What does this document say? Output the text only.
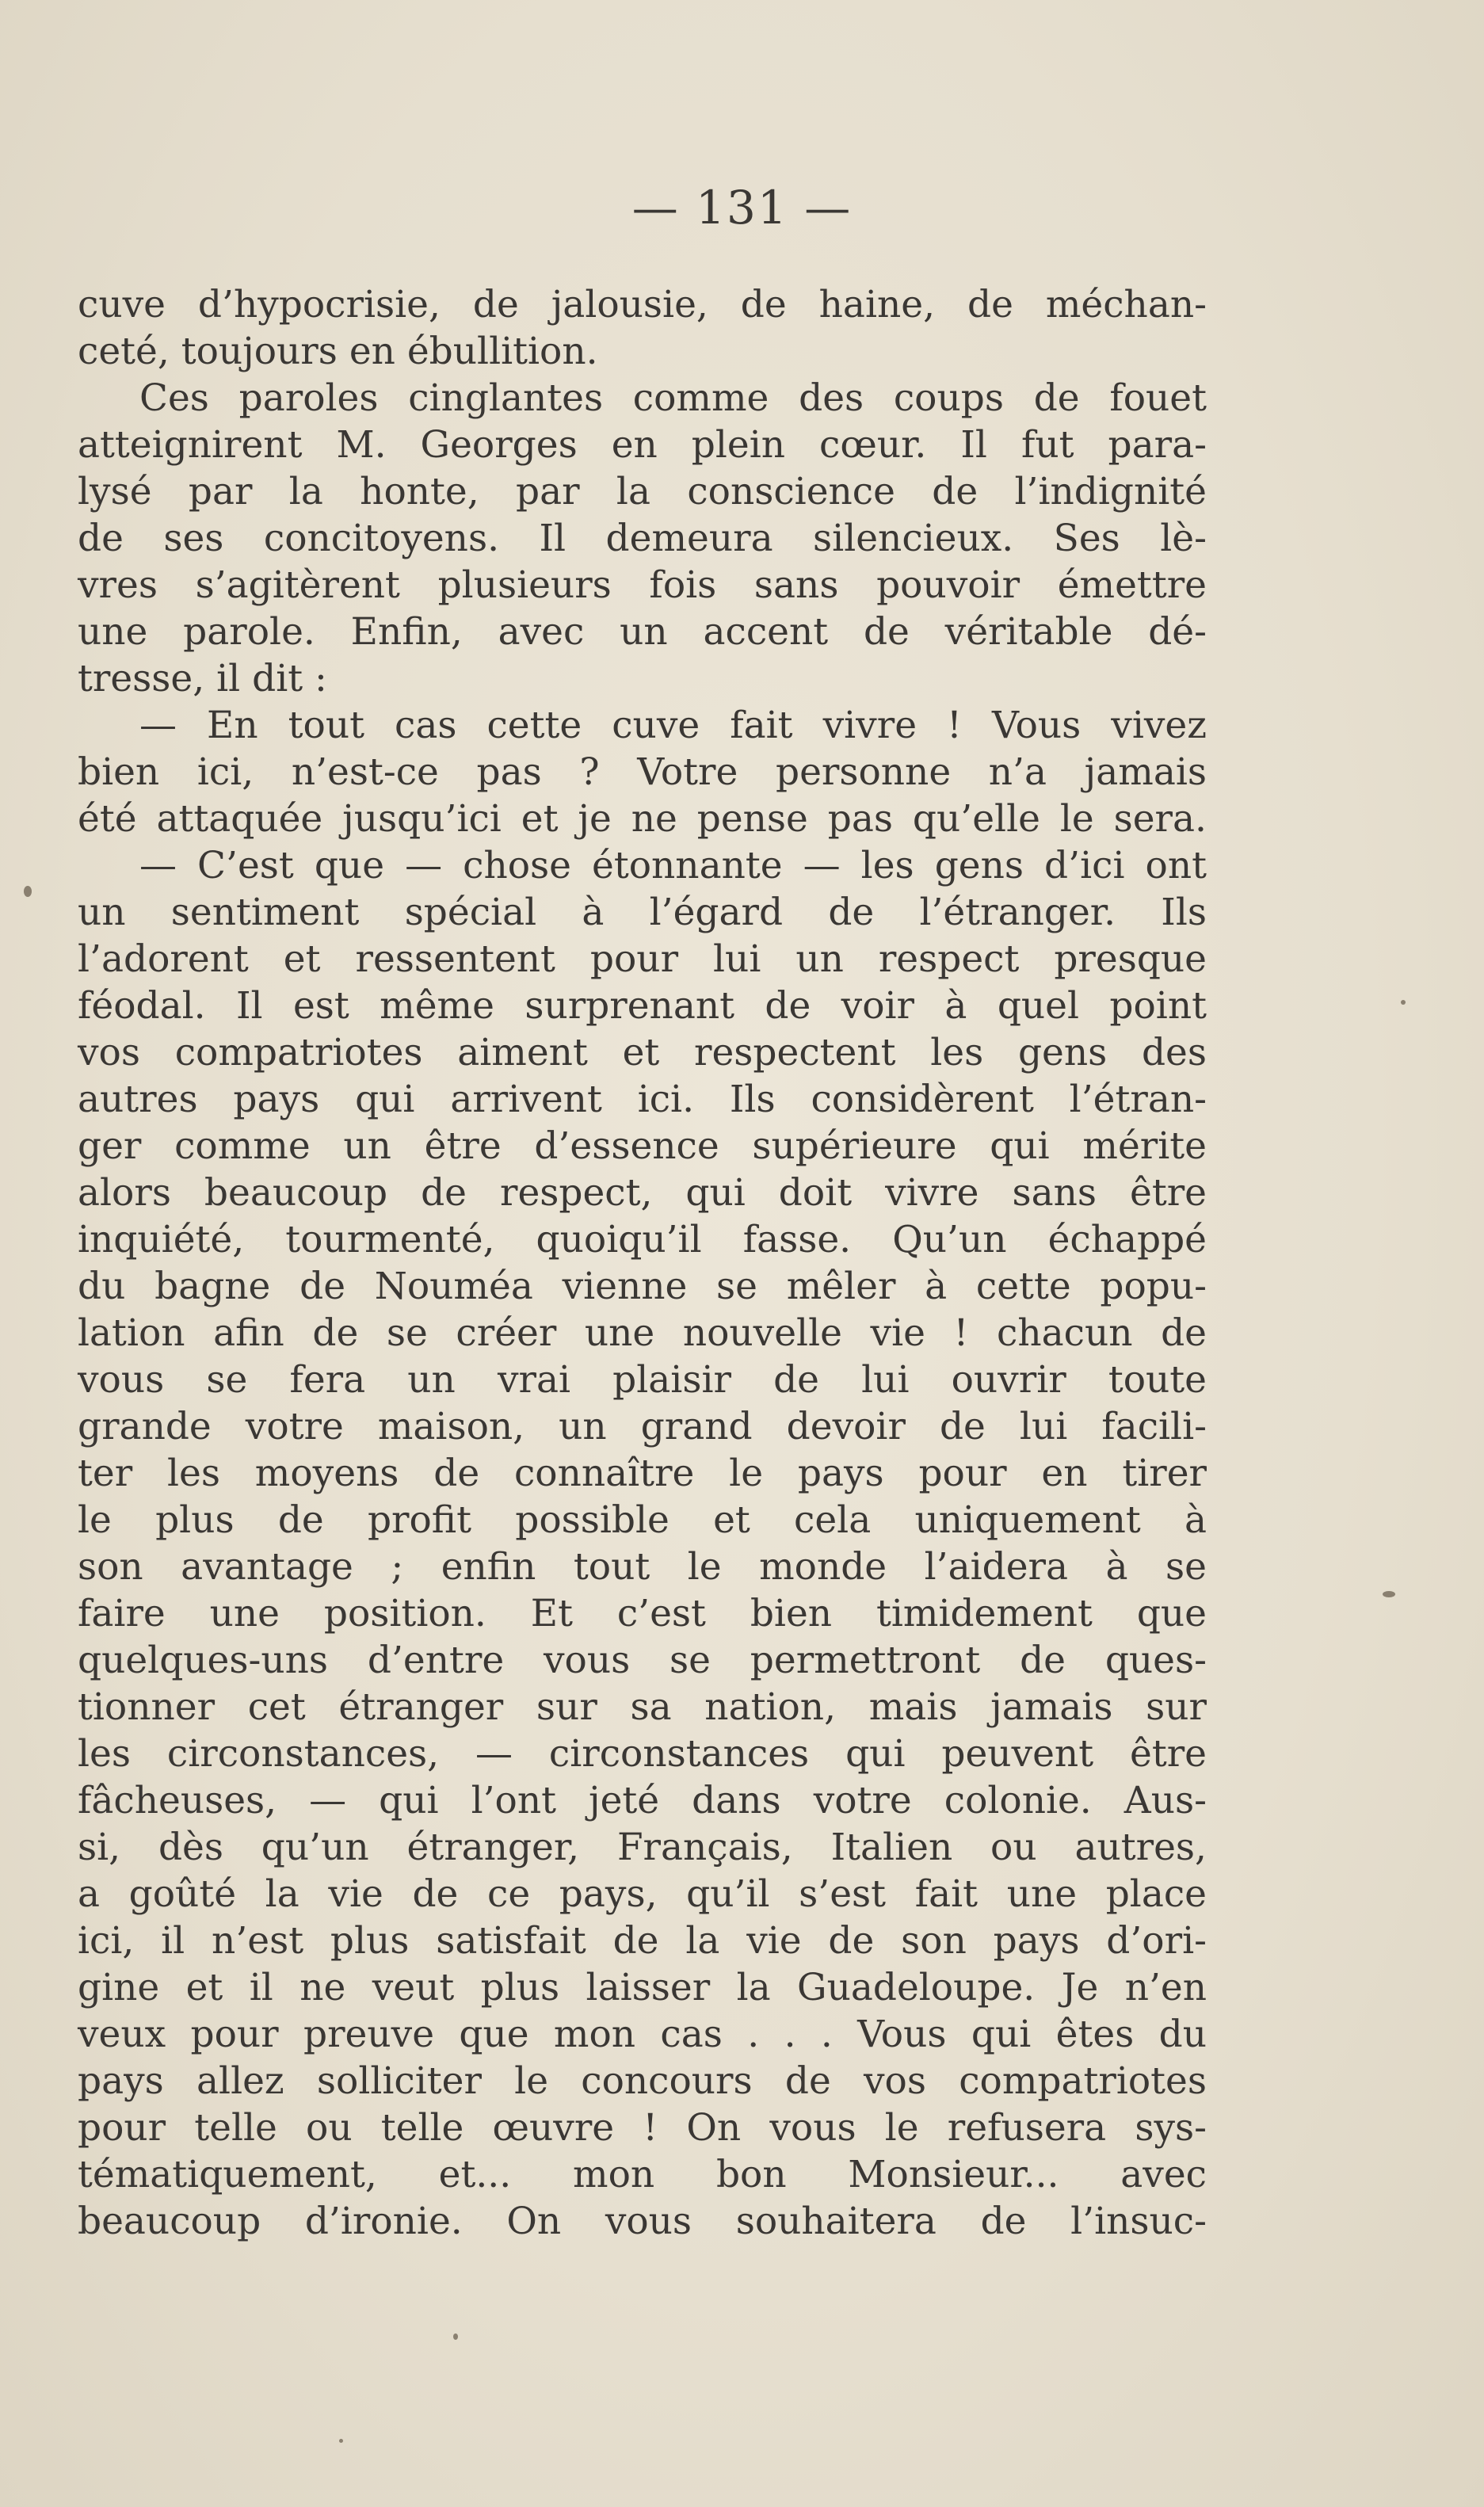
— 131 —
cuve d’hypocrisie, de jalousie, de haine, de méchan-
ceté, toujours en ébullition.
Ces paroles cinglantes comme des coups de fouet
atteignirent M. Georges en plein cœur. Il fut para-
lysé par la honte, par la conscience de l’indignité
de ses concitoyens. Il demeura silencieux. Ses lè-
vres s’agitèrent plusieurs fois sans pouvoir émettre
une parole. Enfin, avec un accent de véritable dé-
tresse, il dit :
— En tout cas cette cuve fait vivre ! Vous vivez
bien ici, n’est-ce pas ? Votre personne n’a jamais
été attaquée jusqu’ici et je ne pense pas qu’elle le sera.
— C’est que — chose étonnante — les gens d’ici ont
un sentiment spécial à l’égard de l’étranger. Ils
l’adorent et ressentent pour lui un respect presque
féodal. Il est même surprenant de voir à quel point
vos compatriotes aiment et respectent les gens des
autres pays qui arrivent ici. Ils considèrent l’étran-
ger comme un être d’essence supérieure qui mérite
alors beaucoup de respect, qui doit vivre sans être
inquiété, tourmenté, quoiqu’il fasse. Qu’un échappé
du bagne de Nouméa vienne se mêler à cette popu-
lation afin de se créer une nouvelle vie ! chacun de
vous se fera un vrai plaisir de lui ouvrir toute
grande votre maison, un grand devoir de lui facili-
ter les moyens de connaître le pays pour en tirer
le plus de profit possible et cela uniquement à
son avantage ; enfin tout le monde l’aidera à se
faire une position. Et c’est bien timidement que
quelques-uns d’entre vous se permettront de ques-
tionner cet étranger sur sa nation, mais jamais sur
les circonstances, — circonstances qui peuvent être
fâcheuses, — qui l’ont jeté dans votre colonie. Aus-
si, dès qu’un étranger, Français, Italien ou autres,
a goûté la vie de ce pays, qu’il s’est fait une place
ici, il n’est plus satisfait de la vie de son pays d’ori-
gine et il ne veut plus laisser la Guadeloupe. Je n’en
veux pour preuve que mon cas . . . Vous qui êtes du
pays allez solliciter le concours de vos compatriotes
pour telle ou telle œuvre ! On vous le refusera sys-
tématiquement, et... mon bon Monsieur... avec
beaucoup d’ironie. On vous souhaitera de l’insuc-
